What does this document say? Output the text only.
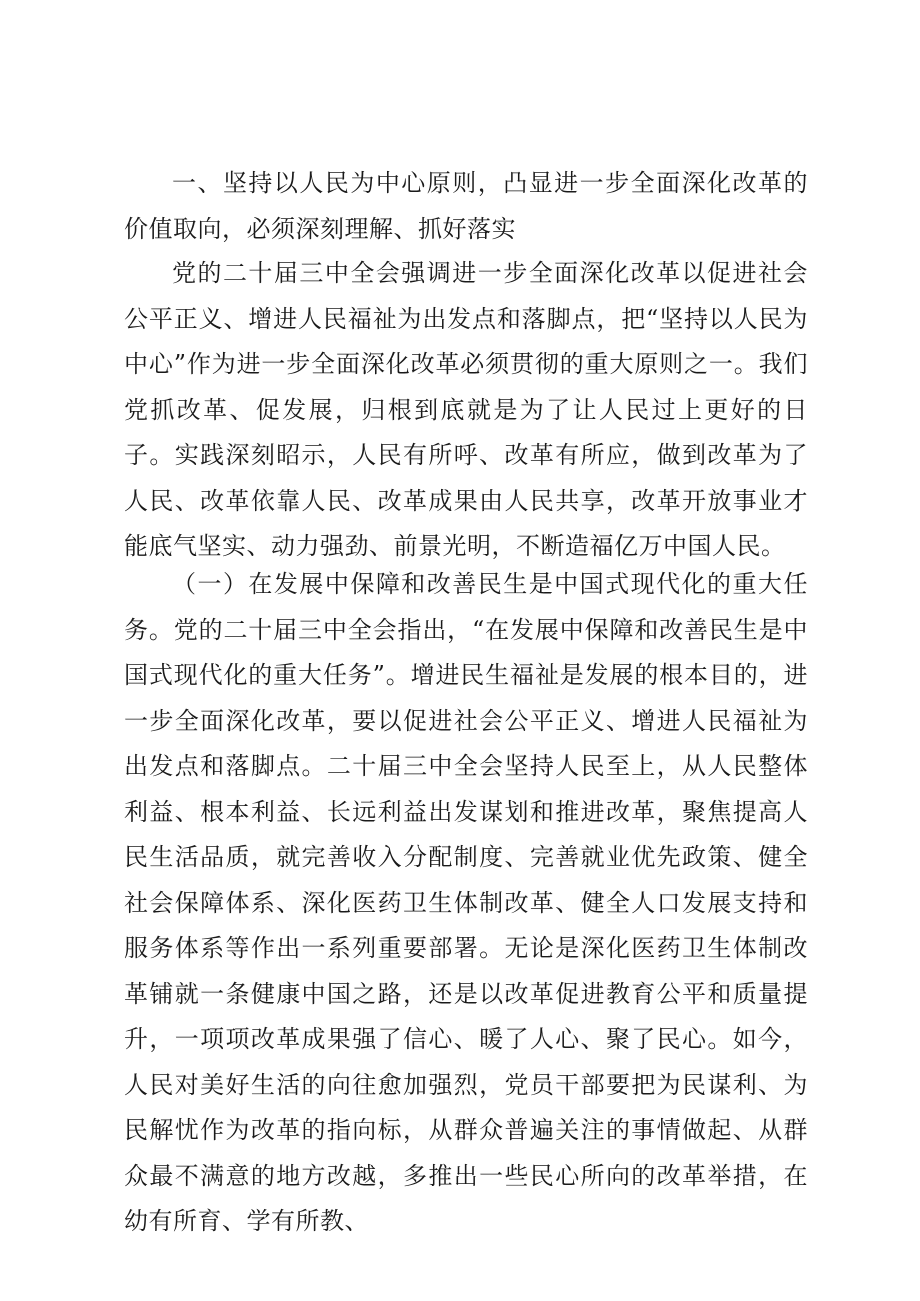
一、坚持以人民为中心原则，凸显进一步全面深化改革的价值取向，必须深刻理解、抓好落实

党的二十届三中全会强调进一步全面深化改革以促进社会公平正义、增进人民福祉为出发点和落脚点，把“坚持以人民为中心”作为进一步全面深化改革必须贯彻的重大原则之一。我们党抓改革、促发展，归根到底就是为了让人民过上更好的日子。实践深刻昭示，人民有所呼、改革有所应，做到改革为了人民、改革依靠人民、改革成果由人民共享，改革开放事业才能底气坚实、动力强劲、前景光明，不断造福亿万中国人民。

（一）在发展中保障和改善民生是中国式现代化的重大任务。党的二十届三中全会指出，“在发展中保障和改善民生是中国式现代化的重大任务”。增进民生福祉是发展的根本目的，进一步全面深化改革，要以促进社会公平正义、增进人民福祉为出发点和落脚点。二十届三中全会坚持人民至上，从人民整体利益、根本利益、长远利益出发谋划和推进改革，聚焦提高人民生活品质，就完善收入分配制度、完善就业优先政策、健全社会保障体系、深化医药卫生体制改革、健全人口发展支持和服务体系等作出一系列重要部署。无论是深化医药卫生体制改革铺就一条健康中国之路，还是以改革促进教育公平和质量提升，一项项改革成果强了信心、暖了人心、聚了民心。如今，人民对美好生活的向往愈加强烈，党员干部要把为民谋利、为民解忧作为改革的指向标，从群众普遍关注的事情做起、从群众最不满意的地方改越，多推出一些民心所向的改革举措，在幼有所育、学有所教、
